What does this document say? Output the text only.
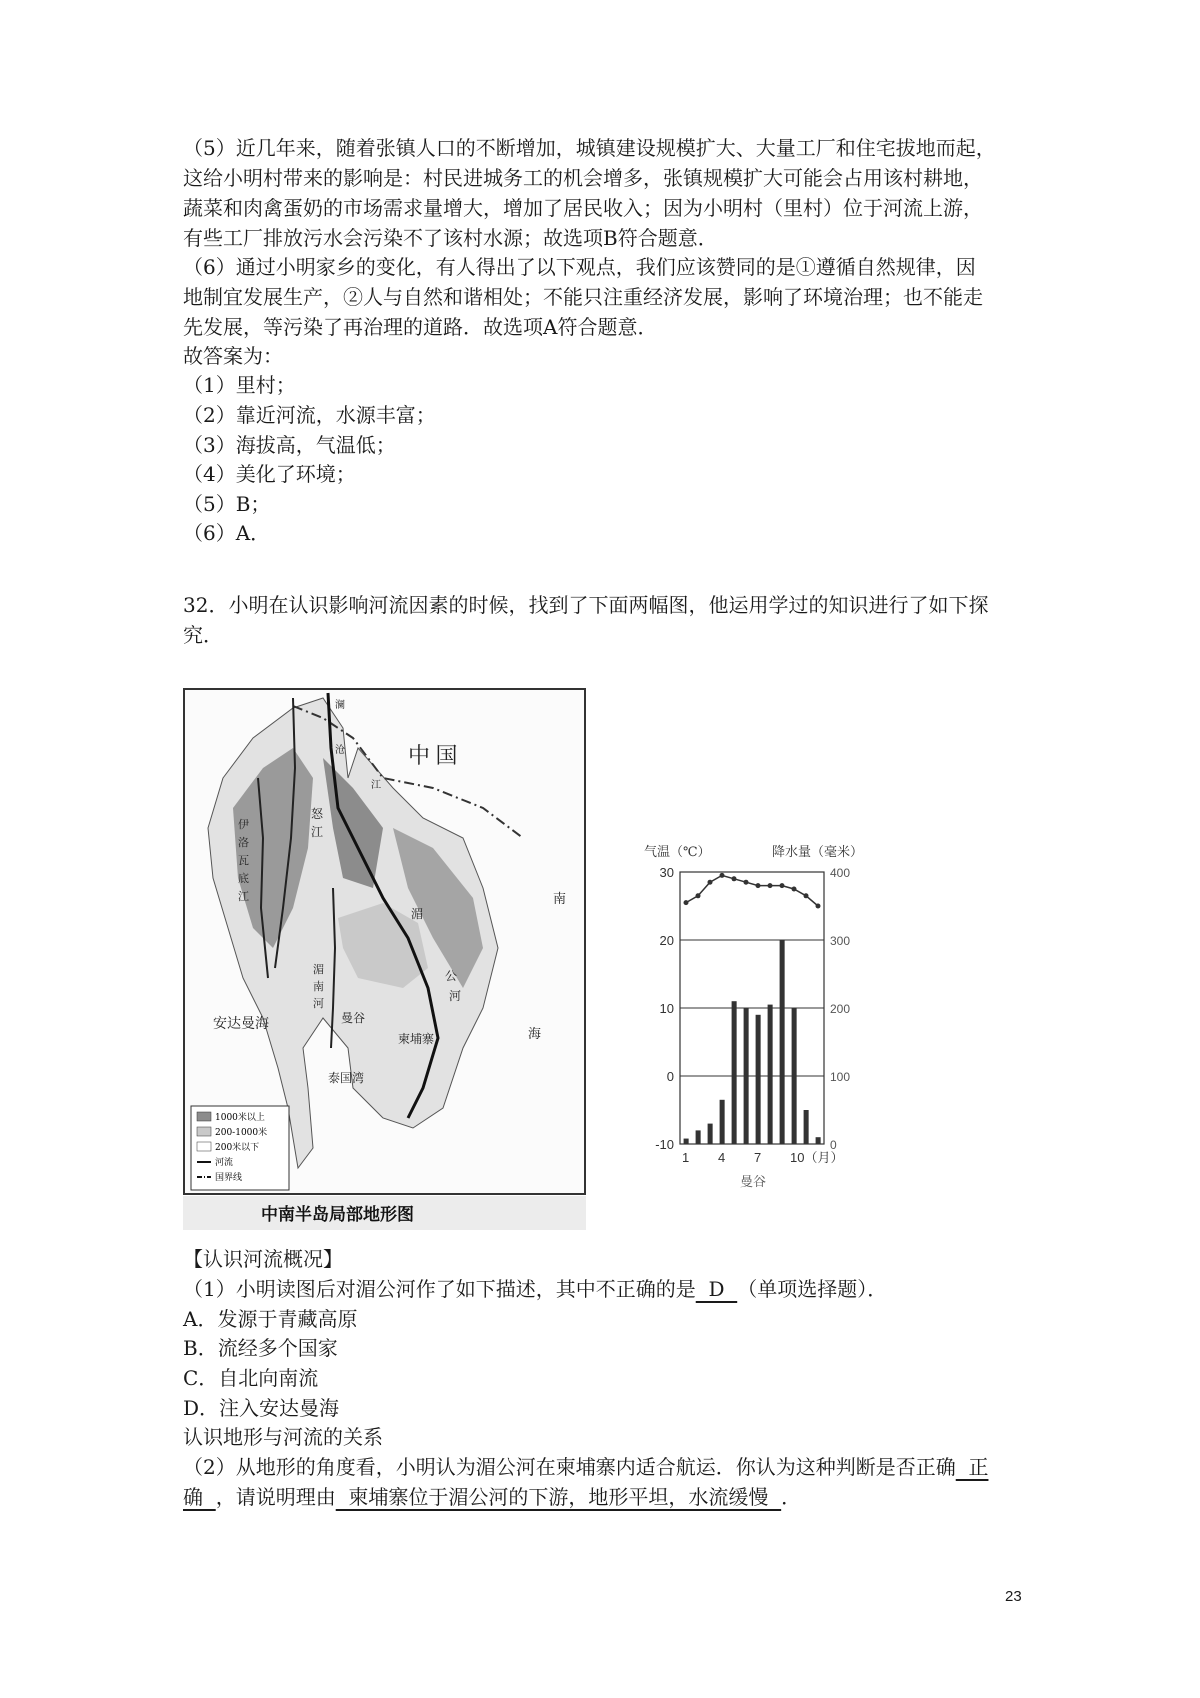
（5）近几年来，随着张镇人口的不断增加，城镇建设规模扩大、大量工厂和住宅拔地而起，
这给小明村带来的影响是：村民进城务工的机会增多，张镇规模扩大可能会占用该村耕地，
蔬菜和肉禽蛋奶的市场需求量增大，增加了居民收入；因为小明村（里村）位于河流上游，
有些工厂排放污水会污染不了该村水源；故选项B符合题意．
（6）通过小明家乡的变化，有人得出了以下观点，我们应该赞同的是①遵循自然规律，因
地制宜发展生产，②人与自然和谐相处；不能只注重经济发展，影响了环境治理；也不能走
先发展，等污染了再治理的道路．故选项A符合题意．
故答案为：
（1）里村；
（2）靠近河流，水源丰富；
（3）海拔高，气温低；
（4）美化了环境；
（5）B；
（6）A．
32．小明在认识影响河流因素的时候，找到了下面两幅图，他运用学过的知识进行了如下探
究．
中 国
安达曼海
泰国湾
柬埔寨
曼谷
南
海
怒
江
湄
公
河
澜
沧
江
伊
洛
瓦
底
江
湄
南
河
1000米以上
200-1000米
200米以下
河流
国界线
中南半岛局部地形图
30
20
10
0
-10
400
300
200
100
0
气温（℃）	降水量（毫米）
1 4 7 10（月）
曼谷
【认识河流概况】
（1）小明读图后对湄公河作了如下描述，其中不正确的是  D  （单项选择题）．
A．发源于青藏高原
B．流经多个国家
C．自北向南流
D．注入安达曼海
认识地形与河流的关系
（2）从地形的角度看，小明认为湄公河在柬埔寨内适合航运．你认为这种判断是否正确  正
确  ，请说明理由  柬埔寨位于湄公河的下游，地形平坦，水流缓慢  ．
23
